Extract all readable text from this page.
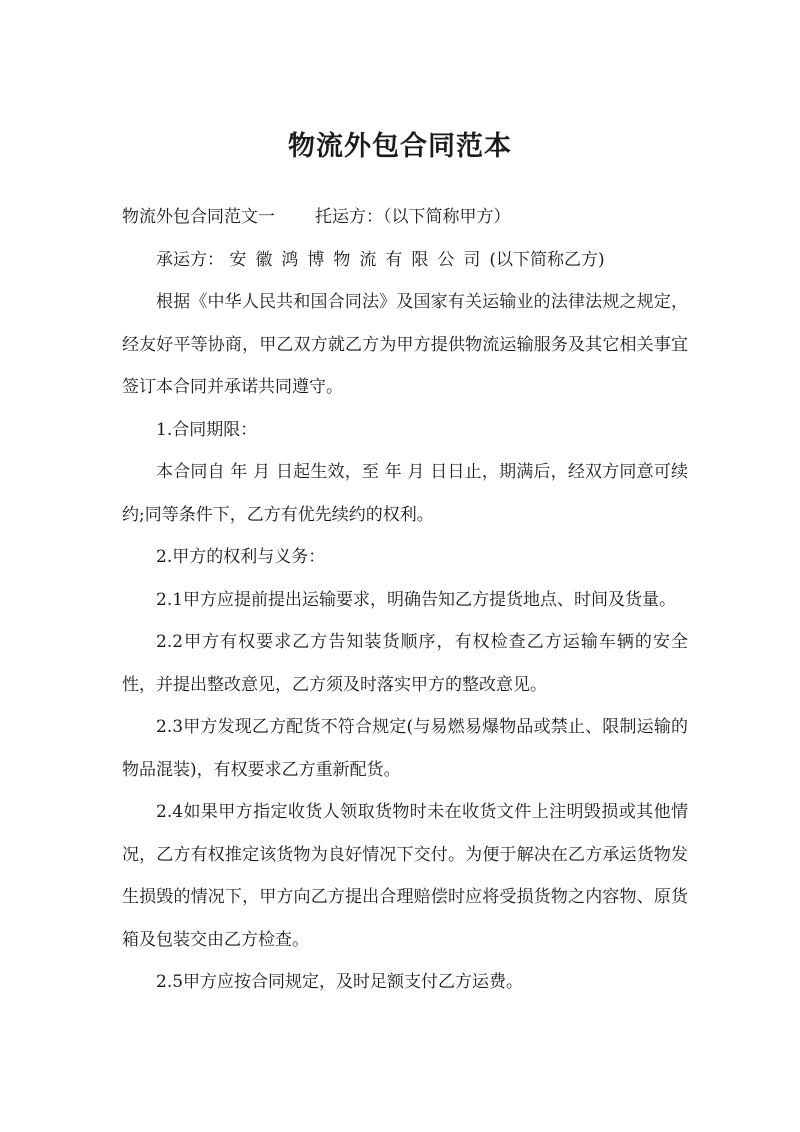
物流外包合同范本

物流外包合同范文一 托运方：（以下简称甲方）

承运方： 安徽鸿博物流有限公司(以下简称乙方)

根据《中华人民共和国合同法》及国家有关运输业的法律法规之规定，经友好平等协商，甲乙双方就乙方为甲方提供物流运输服务及其它相关事宜签订本合同并承诺共同遵守。

1.合同期限：

本合同自 年 月 日起生效，至 年 月 日日止，期满后，经双方同意可续约;同等条件下，乙方有优先续约的权利。

2.甲方的权利与义务：

2.1甲方应提前提出运输要求，明确告知乙方提货地点、时间及货量。

2.2甲方有权要求乙方告知装货顺序，有权检查乙方运输车辆的安全性，并提出整改意见，乙方须及时落实甲方的整改意见。

2.3甲方发现乙方配货不符合规定(与易燃易爆物品或禁止、限制运输的物品混装)，有权要求乙方重新配货。

2.4如果甲方指定收货人领取货物时未在收货文件上注明毁损或其他情况，乙方有权推定该货物为良好情况下交付。为便于解决在乙方承运货物发生损毁的情况下，甲方向乙方提出合理赔偿时应将受损货物之内容物、原货箱及包装交由乙方检查。

2.5甲方应按合同规定，及时足额支付乙方运费。
